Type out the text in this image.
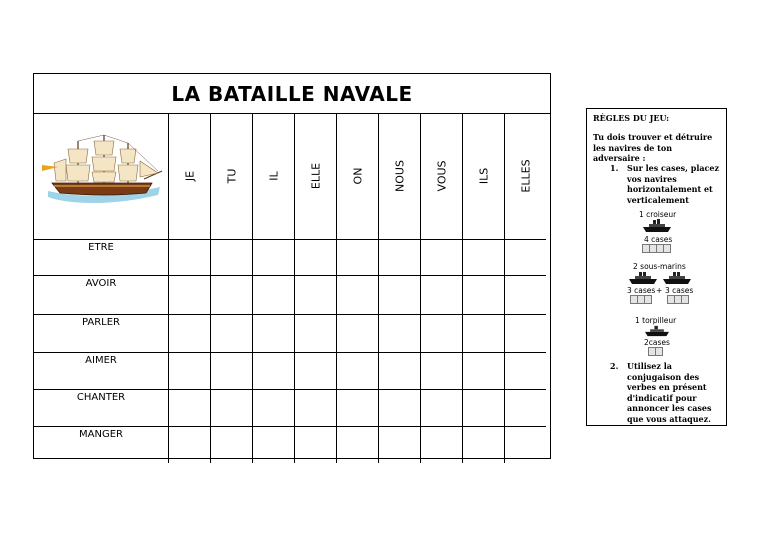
LA BATAILLE NAVALE

JE	TU	IL	ELLE	ON	NOUS	VOUS	ILS	ELLES

ETRE									
AVOIR									
PARLER									
AIMER									
CHANTER									
MANGER									
RÈGLES DU JEU:
Tu dois trouver et détruire les navires de ton adversaire :
1. Sur les cases, placez vos navires horizontalement et verticalement
1 croiseur
4 cases
2 sous-marins
3 cases + 3 cases
1 torpilleur
2cases
2. Utilisez la conjugaison des verbes en présent d'indicatif pour annoncer les cases que vous attaquez.
